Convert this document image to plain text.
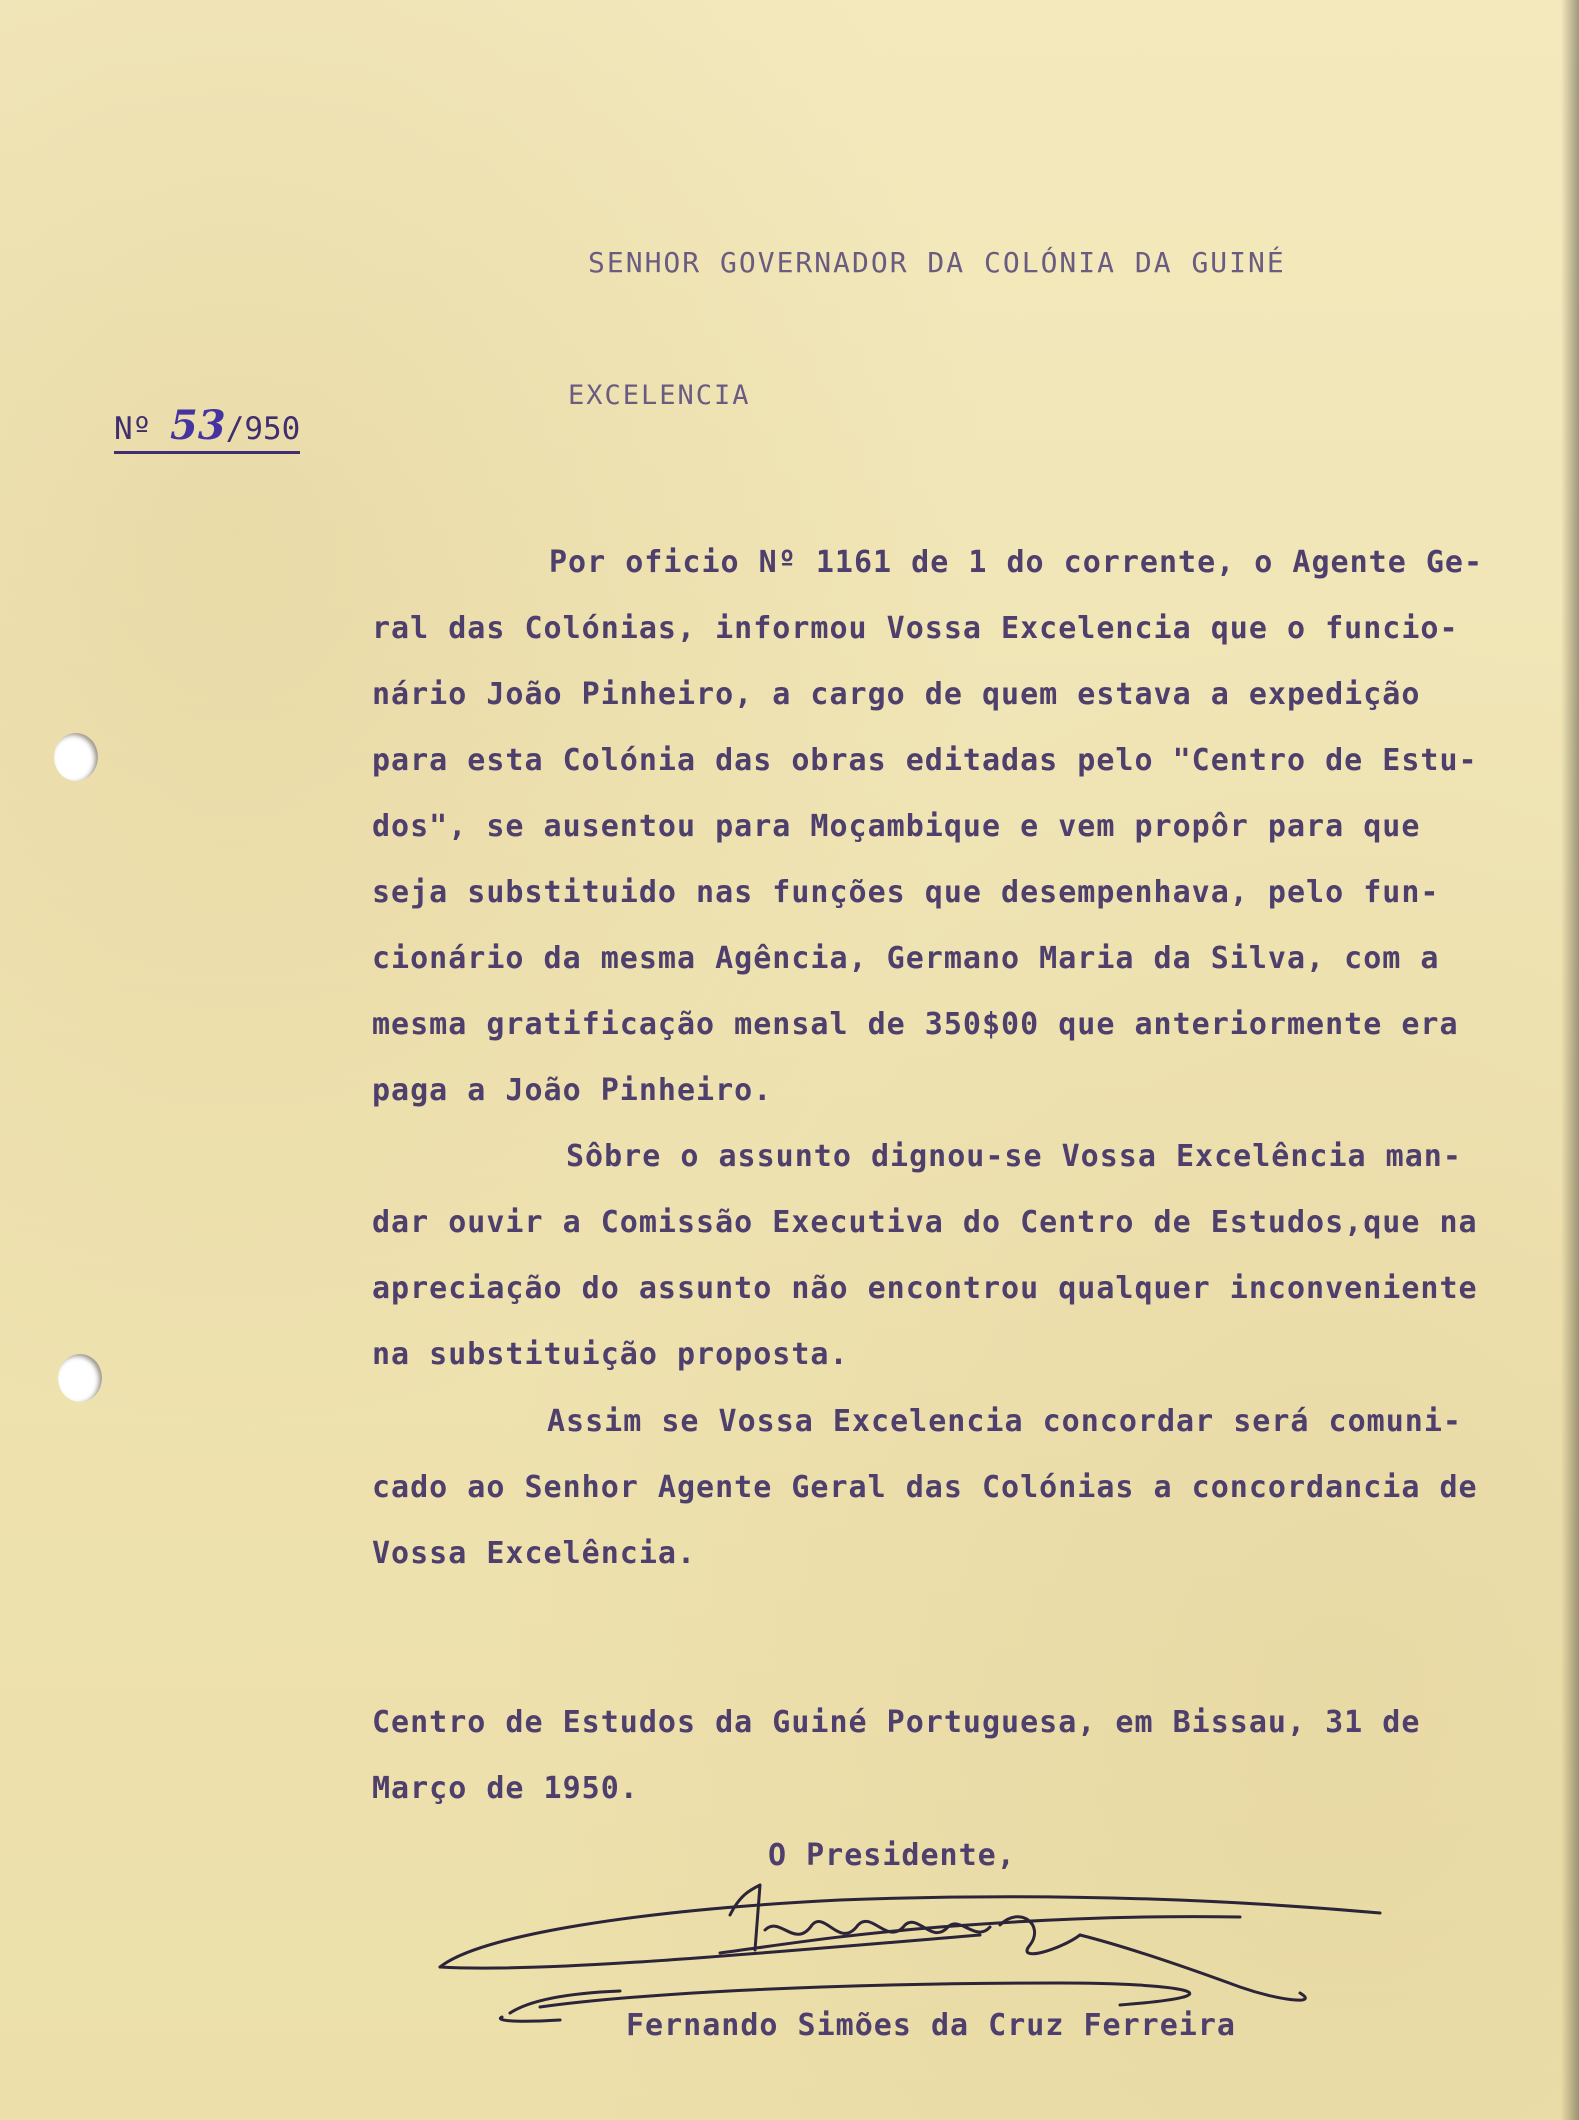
SENHOR GOVERNADOR DA COLÓNIA DA GUINÉ

EXCELENCIA

Nº 53/950

Por oficio Nº 1161 de 1 do corrente, o Agente Ge-

ral das Colónias, informou Vossa Excelencia que o funcio-

nário João Pinheiro, a cargo de quem estava a expedição

para esta Colónia das obras editadas pelo "Centro de Estu-

dos", se ausentou para Moçambique e vem propôr para que

seja substituido nas funções que desempenhava, pelo fun-

cionário da mesma Agência, Germano Maria da Silva, com a

mesma gratificação mensal de 350$00 que anteriormente era

paga a João Pinheiro.

Sôbre o assunto dignou-se Vossa Excelência man-

dar ouvir a Comissão Executiva do Centro de Estudos,que na

apreciação do assunto não encontrou qualquer inconveniente

na substituição proposta.

Assim se Vossa Excelencia concordar será comuni-

cado ao Senhor Agente Geral das Colónias a concordancia de

Vossa Excelência.

Centro de Estudos da Guiné Portuguesa, em Bissau, 31 de

Março de 1950.

O Presidente,

Fernando Simões da Cruz Ferreira
